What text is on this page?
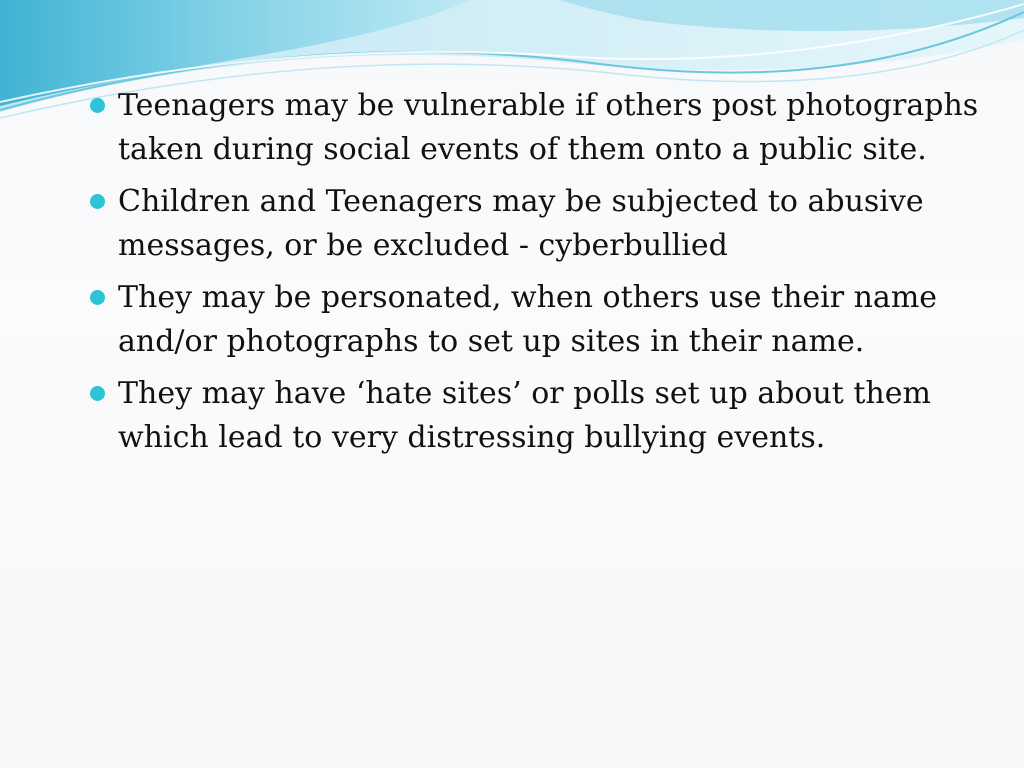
Teenagers may be vulnerable if others post photographs taken during social events of them onto a public site.
Children and Teenagers may be subjected to abusive messages, or be excluded - cyberbullied
They may be personated, when others use their name and/or photographs to set up sites in their name.
They may have ‘hate sites’ or polls set up about them which lead to very distressing bullying events.
